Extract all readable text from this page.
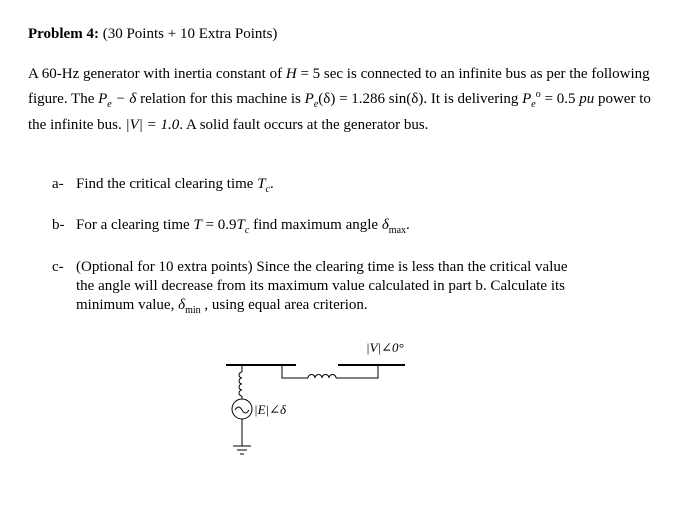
Problem 4: (30 Points + 10 Extra Points)
A 60-Hz generator with inertia constant of H = 5 sec is connected to an infinite bus as per the following figure. The $P_e - \delta$ relation for this machine is $P_e(\delta) = 1.286$ sin(δ). It is delivering $P_e^o = 0.5$ pu power to the infinite bus. |V| = 1.0. A solid fault occurs at the generator bus.
a- Find the critical clearing time $T_c$.
b- For a clearing time $T = 0.9T_c$ find maximum angle $\delta_{max}$.
c- (Optional for 10 extra points) Since the clearing time is less than the critical value
the angle will decrease from its maximum value calculated in part b. Calculate its
minimum value, $\delta_{min}$ , using equal area criterion.
|E|∠δ
|V|∠0°
